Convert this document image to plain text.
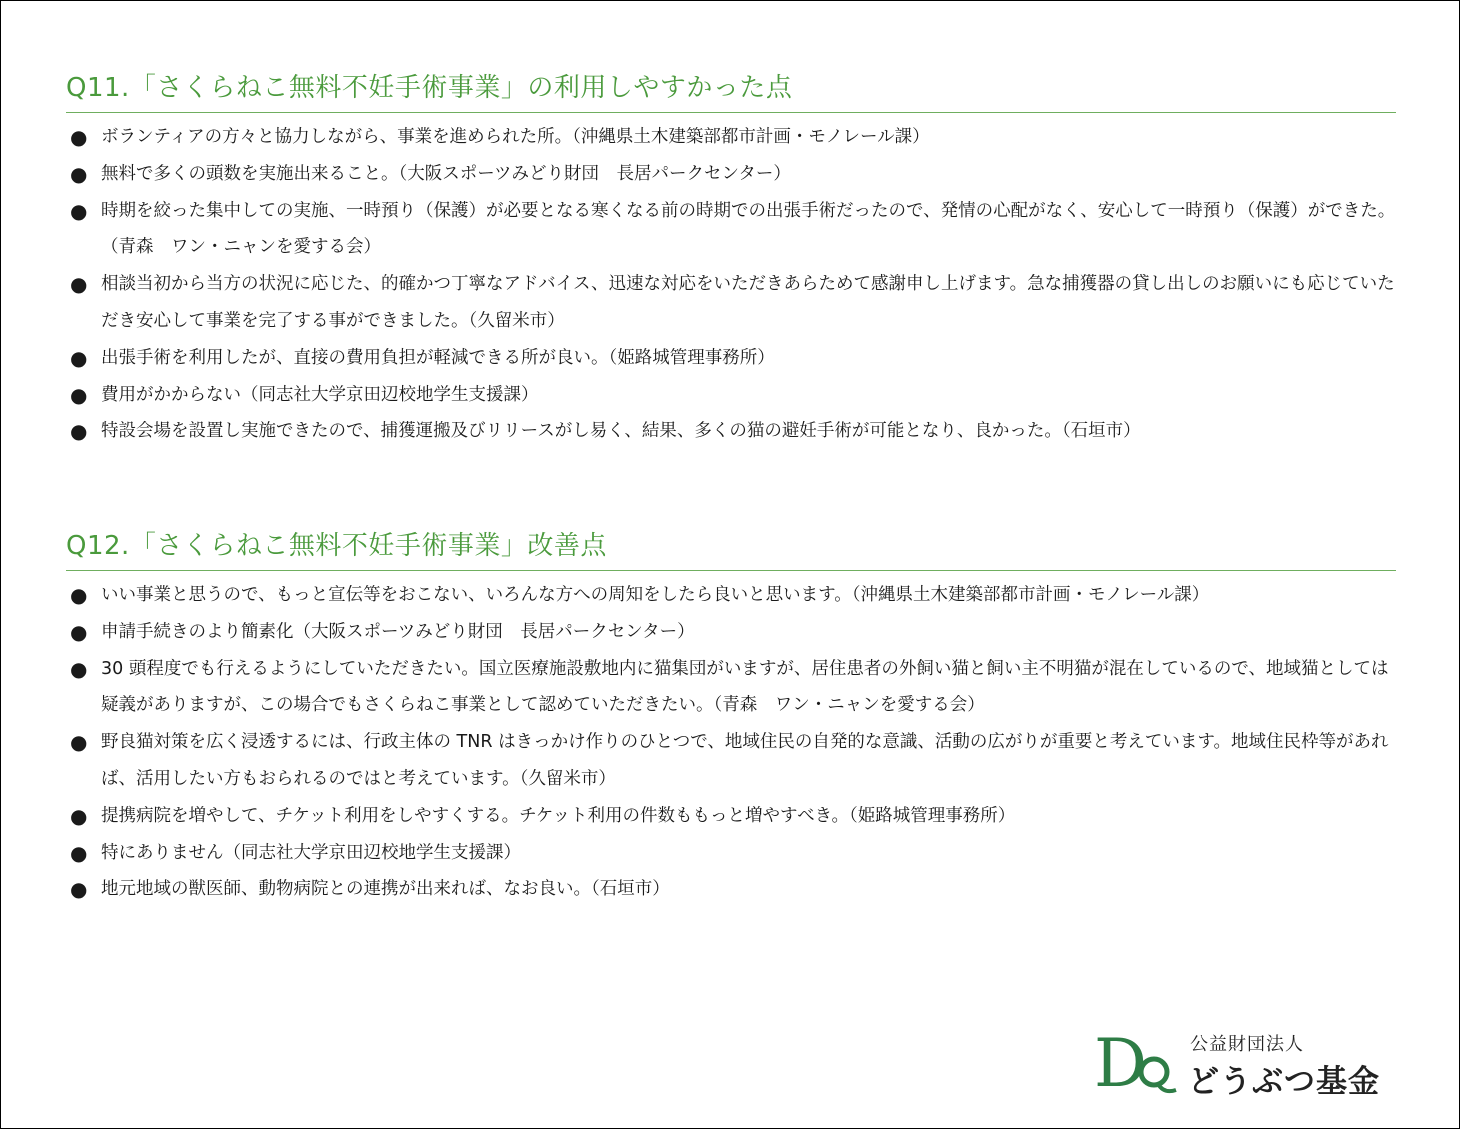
Q11.「さくらねこ無料不妊手術事業」の利用しやすかった点
● ボランティアの方々と協力しながら、事業を進められた所。（沖縄県土木建築部都市計画・モノレール課）
● 無料で多くの頭数を実施出来ること。（大阪スポーツみどり財団　長居パークセンター）
● 時期を絞った集中しての実施、一時預り（保護）が必要となる寒くなる前の時期での出張手術だったので、発情の心配がなく、安心して一時預り（保護）ができた。（青森　ワン・ニャンを愛する会）
● 相談当初から当方の状況に応じた、的確かつ丁寧なアドバイス、迅速な対応をいただきあらためて感謝申し上げます。急な捕獲器の貸し出しのお願いにも応じていただき安心して事業を完了する事ができました。（久留米市）
● 出張手術を利用したが、直接の費用負担が軽減できる所が良い。（姫路城管理事務所）
● 費用がかからない（同志社大学京田辺校地学生支援課）
● 特設会場を設置し実施できたので、捕獲運搬及びリリースがし易く、結果、多くの猫の避妊手術が可能となり、良かった。（石垣市）
Q12.「さくらねこ無料不妊手術事業」改善点
● いい事業と思うので、もっと宣伝等をおこない、いろんな方への周知をしたら良いと思います。（沖縄県土木建築部都市計画・モノレール課）
● 申請手続きのより簡素化（大阪スポーツみどり財団　長居パークセンター）
● 30 頭程度でも行えるようにしていただきたい。国立医療施設敷地内に猫集団がいますが、居住患者の外飼い猫と飼い主不明猫が混在しているので、地域猫としては疑義がありますが、この場合でもさくらねこ事業として認めていただきたい。（青森　ワン・ニャンを愛する会）
● 野良猫対策を広く浸透するには、行政主体の TNR はきっかけ作りのひとつで、地域住民の自発的な意識、活動の広がりが重要と考えています。地域住民枠等があれば、活用したい方もおられるのではと考えています。（久留米市）
● 提携病院を増やして、チケット利用をしやすくする。チケット利用の件数ももっと増やすべき。（姫路城管理事務所）
● 特にありません（同志社大学京田辺校地学生支援課）
● 地元地域の獣医師、動物病院との連携が出来れば、なお良い。（石垣市）
D 公益財団法人
どうぶつ基金
